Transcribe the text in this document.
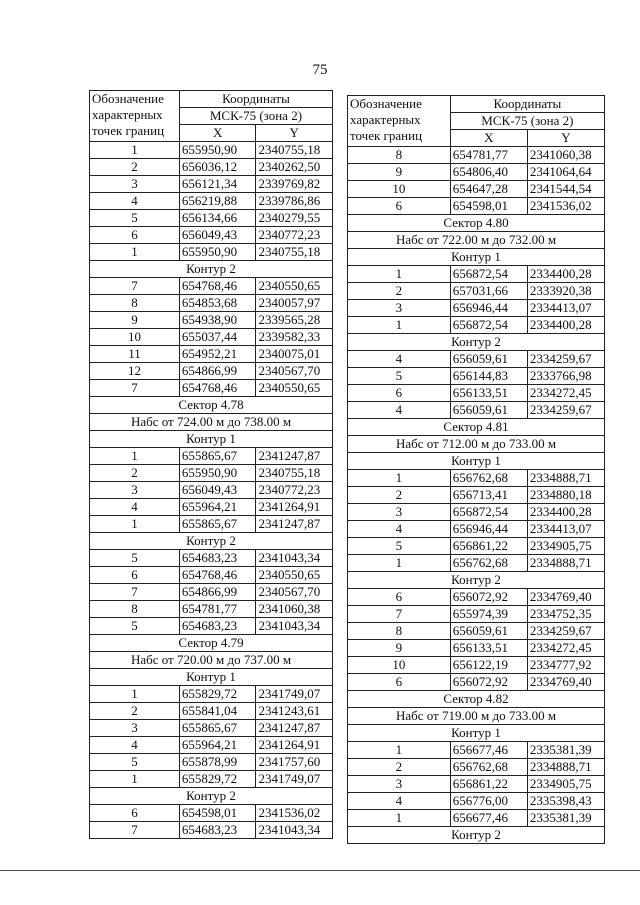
75
Обозначение
характерных
точек границ	Координаты	

	МСК-75 (зона 2)	
	X	Y
1	655950,90	2340755,18
2	656036,12	2340262,50
3	656121,34	2339769,82
4	656219,88	2339786,86
5	656134,66	2340279,55
6	656049,43	2340772,23
1	655950,90	2340755,18
Контур 2		
7	654768,46	2340550,65
8	654853,68	2340057,97
9	654938,90	2339565,28
10	655037,44	2339582,33
11	654952,21	2340075,01
12	654866,99	2340567,70
7	654768,46	2340550,65
Сектор 4.78		
Набс от 724.00 м до 738.00 м		
Контур 1		
1	655865,67	2341247,87
2	655950,90	2340755,18
3	656049,43	2340772,23
4	655964,21	2341264,91
1	655865,67	2341247,87
Контур 2		
5	654683,23	2341043,34
6	654768,46	2340550,65
7	654866,99	2340567,70
8	654781,77	2341060,38
5	654683,23	2341043,34
Сектор 4.79		
Набс от 720.00 м до 737.00 м		
Контур 1		
1	655829,72	2341749,07
2	655841,04	2341243,61
3	655865,67	2341247,87
4	655964,21	2341264,91
5	655878,99	2341757,60
1	655829,72	2341749,07
Контур 2		
6	654598,01	2341536,02
7	654683,23	2341043,34
Обозначение
характерных
точек границ	Координаты	

	МСК-75 (зона 2)	
	X	Y
8	654781,77	2341060,38
9	654806,40	2341064,64
10	654647,28	2341544,54
6	654598,01	2341536,02
Сектор 4.80		
Набс от 722.00 м до 732.00 м		
Контур 1		
1	656872,54	2334400,28
2	657031,66	2333920,38
3	656946,44	2334413,07
1	656872,54	2334400,28
Контур 2		
4	656059,61	2334259,67
5	656144,83	2333766,98
6	656133,51	2334272,45
4	656059,61	2334259,67
Сектор 4.81		
Набс от 712.00 м до 733.00 м		
Контур 1		
1	656762,68	2334888,71
2	656713,41	2334880,18
3	656872,54	2334400,28
4	656946,44	2334413,07
5	656861,22	2334905,75
1	656762,68	2334888,71
Контур 2		
6	656072,92	2334769,40
7	655974,39	2334752,35
8	656059,61	2334259,67
9	656133,51	2334272,45
10	656122,19	2334777,92
6	656072,92	2334769,40
Сектор 4.82		
Набс от 719.00 м до 733.00 м		
Контур 1		
1	656677,46	2335381,39
2	656762,68	2334888,71
3	656861,22	2334905,75
4	656776,00	2335398,43
1	656677,46	2335381,39
Контур 2		
